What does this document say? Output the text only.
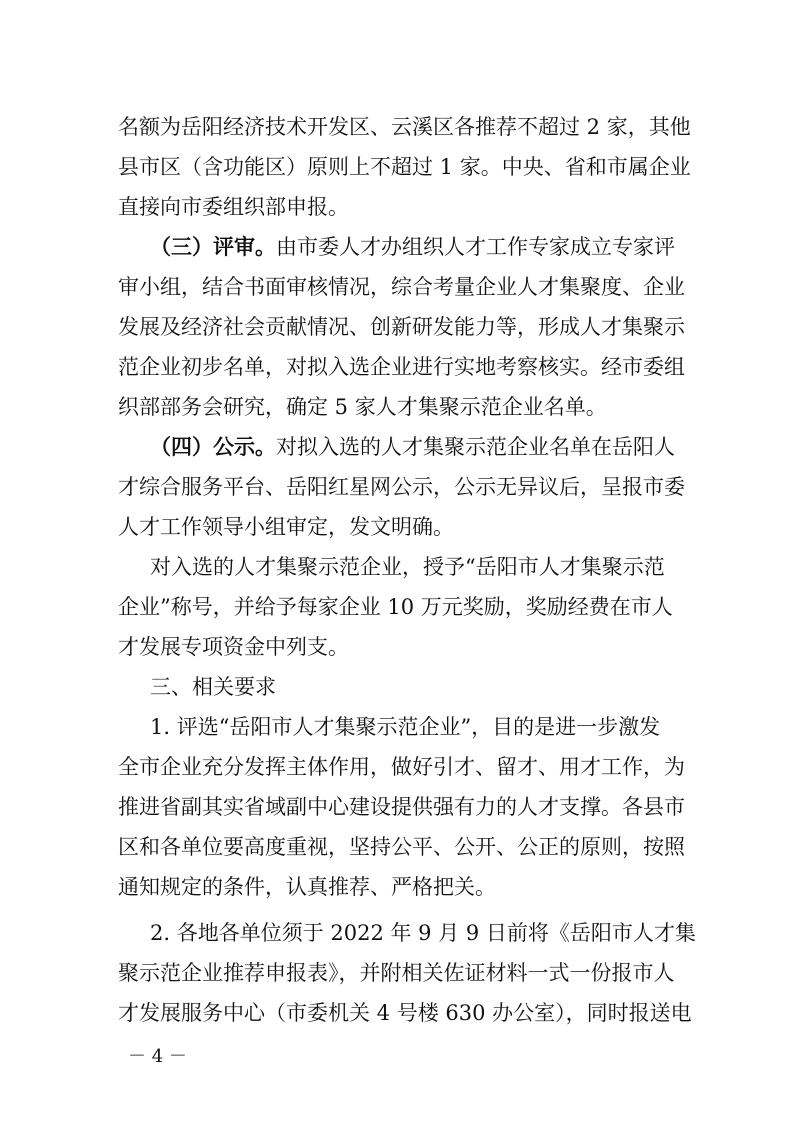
名额为岳阳经济技术开发区、云溪区各推荐不超过 2 家，其他
县市区（含功能区）原则上不超过 1 家。中央、省和市属企业
直接向市委组织部申报。
（三）评审。 由市委人才办组织人才工作专家成立专家评
审小组，结合书面审核情况，综合考量企业人才集聚度、企业
发展及经济社会贡献情况、创新研发能力等，形成人才集聚示
范企业初步名单，对拟入选企业进行实地考察核实。经市委组
织部部务会研究，确定 5 家人才集聚示范企业名单。
（四）公示。 对拟入选的人才集聚示范企业名单在岳阳人
才综合服务平台、岳阳红星网公示，公示无异议后，呈报市委
人才工作领导小组审定，发文明确。
对入选的人才集聚示范企业，授予“岳阳市人才集聚示范
企业”称号，并给予每家企业 10 万元奖励，奖励经费在市人
才发展专项资金中列支。
三、相关要求
1. 评选“岳阳市人才集聚示范企业”，目的是进一步激发
全市企业充分发挥主体作用，做好引才、留才、用才工作，为
推进省副其实省域副中心建设提供强有力的人才支撑。各县市
区和各单位要高度重视，坚持公平、公开、公正的原则，按照
通知规定的条件，认真推荐、严格把关。
2. 各地各单位须于 2022 年 9 月 9 日前将《岳阳市人才集
聚示范企业推荐申报表》，并附相关佐证材料一式一份报市人
才发展服务中心（市委机关 4 号楼 630 办公室），同时报送电
－ 4 －
